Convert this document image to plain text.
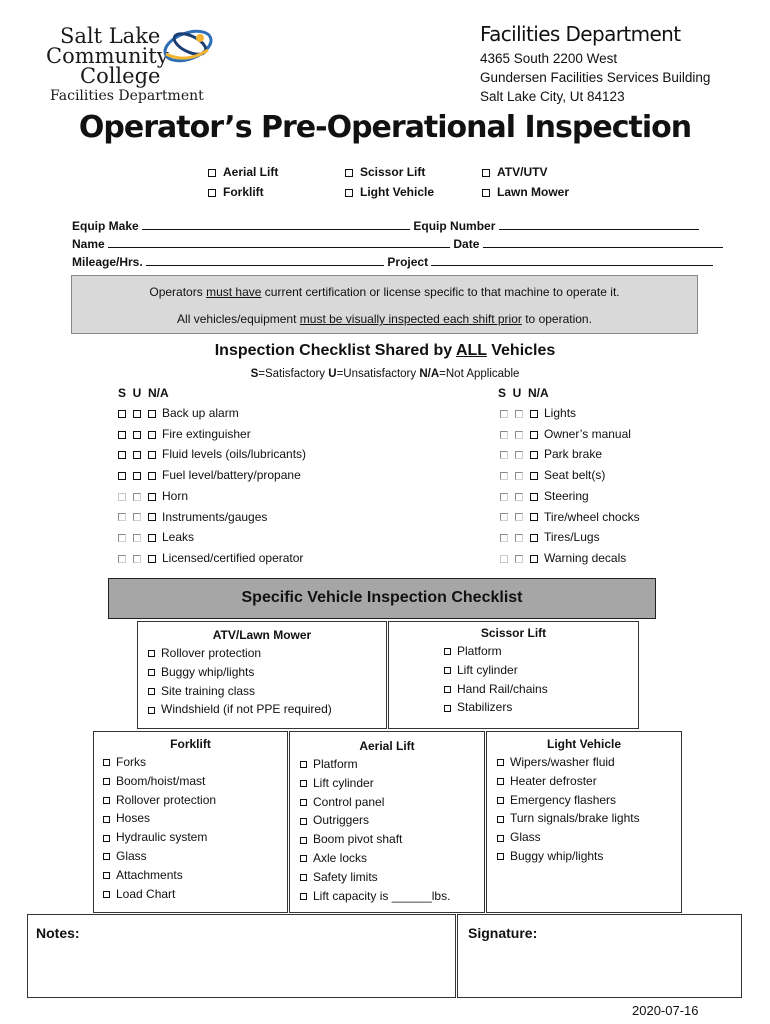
Salt Lake
Community
College
Facilities Department
Facilities Department
4365 South 2200 West
Gundersen Facilities Services Building
Salt Lake City, Ut 84123
Operator’s Pre-Operational Inspection
Aerial Lift
Forklift
Scissor Lift
Light Vehicle
ATV/UTV
Lawn Mower
Equip Make	Equip Number
Name	Date
Mileage/Hrs.	Project
Operators must have current certification or license specific to that machine to operate it.
All vehicles/equipment must be visually inspected each shift prior to operation.
Inspection Checklist Shared by ALL Vehicles
S=Satisfactory U=Unsatisfactory N/A=Not Applicable
S  U  N/A	S  U  N/A
Back up alarm
Fire extinguisher
Fluid levels (oils/lubricants)
Fuel level/battery/propane
Horn
Instruments/gauges
Leaks
Licensed/certified operator
Lights
Owner’s manual
Park brake
Seat belt(s)
Steering
Tire/wheel chocks
Tires/Lugs
Warning decals
Specific Vehicle Inspection Checklist
ATV/Lawn Mower
Rollover protection
Buggy whip/lights
Site training class
Windshield (if not PPE required)
Scissor Lift
Platform
Lift cylinder
Hand Rail/chains
Stabilizers
Forklift
Forks
Boom/hoist/mast
Rollover protection
Hoses
Hydraulic system
Glass
Attachments
Load Chart
Aerial Lift
Platform
Lift cylinder
Control panel
Outriggers
Boom pivot shaft
Axle locks
Safety limits
Lift capacity is ______lbs.
Light Vehicle
Wipers/washer fluid
Heater defroster
Emergency flashers
Turn signals/brake lights
Glass
Buggy whip/lights
Notes:	Signature:
2020-07-16
